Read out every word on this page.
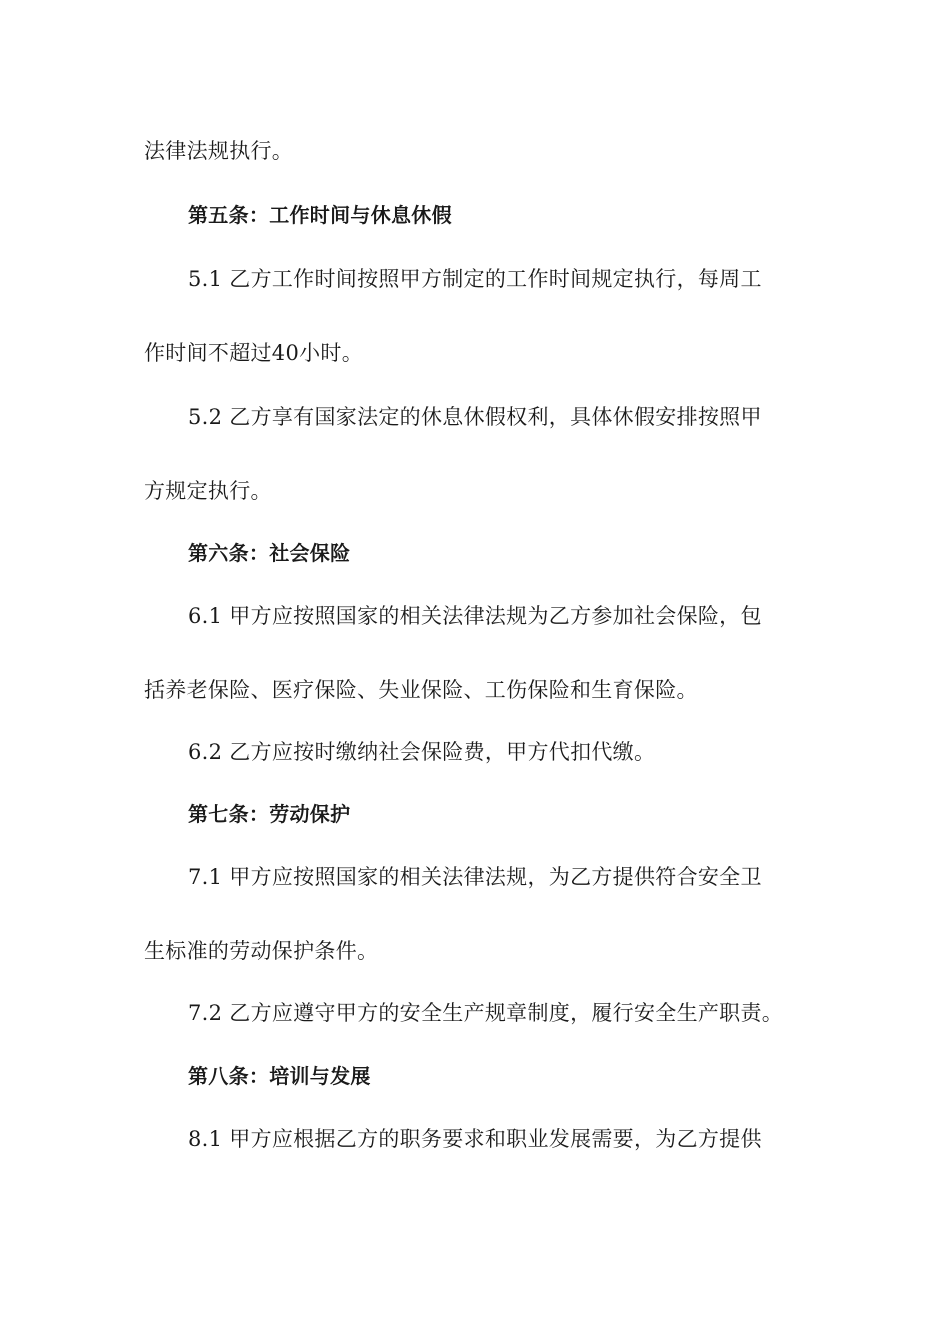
法律法规执行。
第五条：工作时间与休息休假
5.1 乙方工作时间按照甲方制定的工作时间规定执行，每周工
作时间不超过40小时。
5.2 乙方享有国家法定的休息休假权利，具体休假安排按照甲
方规定执行。
第六条：社会保险
6.1 甲方应按照国家的相关法律法规为乙方参加社会保险，包
括养老保险、医疗保险、失业保险、工伤保险和生育保险。
6.2 乙方应按时缴纳社会保险费，甲方代扣代缴。
第七条：劳动保护
7.1 甲方应按照国家的相关法律法规，为乙方提供符合安全卫
生标准的劳动保护条件。
7.2 乙方应遵守甲方的安全生产规章制度，履行安全生产职责。
第八条：培训与发展
8.1 甲方应根据乙方的职务要求和职业发展需要，为乙方提供
